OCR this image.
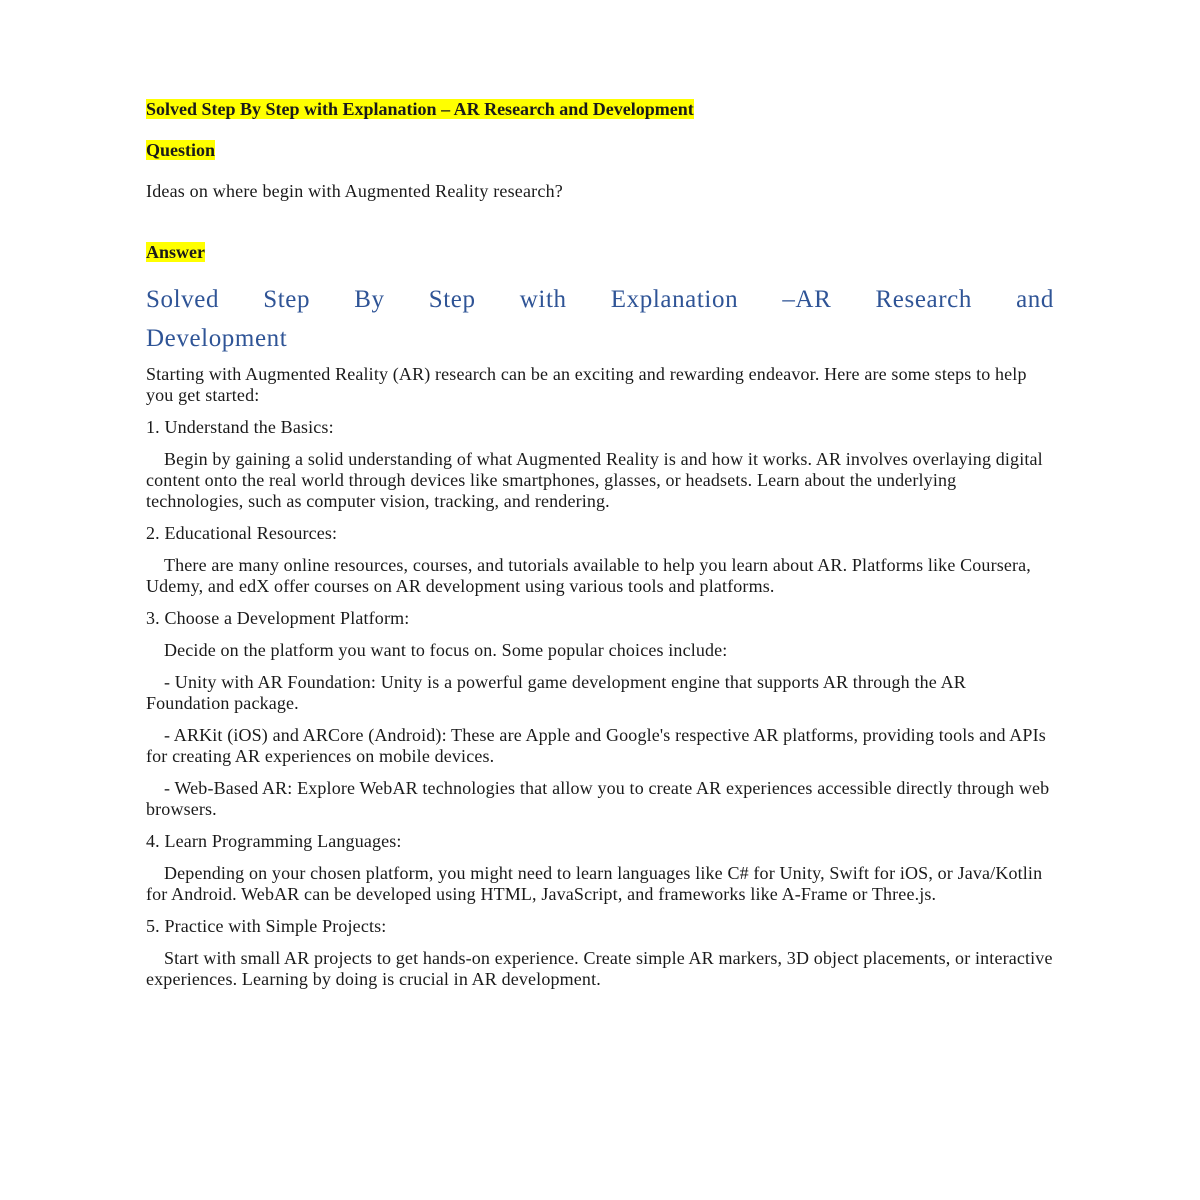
Solved Step By Step with Explanation – AR Research and Development
Question
Ideas on where begin with Augmented Reality research?
Answer
Solved Step By Step with Explanation –AR Research and
Development

Starting with Augmented Reality (AR) research can be an exciting and rewarding endeavor. Here are some steps to help you get started:

1. Understand the Basics:

Begin by gaining a solid understanding of what Augmented Reality is and how it works. AR involves overlaying digital content onto the real world through devices like smartphones, glasses, or headsets. Learn about the underlying technologies, such as computer vision, tracking, and rendering.

2. Educational Resources:

There are many online resources, courses, and tutorials available to help you learn about AR. Platforms like Coursera, Udemy, and edX offer courses on AR development using various tools and platforms.

3. Choose a Development Platform:

Decide on the platform you want to focus on. Some popular choices include:

- Unity with AR Foundation: Unity is a powerful game development engine that supports AR through the AR Foundation package.

- ARKit (iOS) and ARCore (Android): These are Apple and Google's respective AR platforms, providing tools and APIs for creating AR experiences on mobile devices.

- Web-Based AR: Explore WebAR technologies that allow you to create AR experiences accessible directly through web browsers.

4. Learn Programming Languages:

Depending on your chosen platform, you might need to learn languages like C# for Unity, Swift for iOS, or Java/Kotlin for Android. WebAR can be developed using HTML, JavaScript, and frameworks like A-Frame or Three.js.

5. Practice with Simple Projects:

Start with small AR projects to get hands-on experience. Create simple AR markers, 3D object placements, or interactive experiences. Learning by doing is crucial in AR development.
